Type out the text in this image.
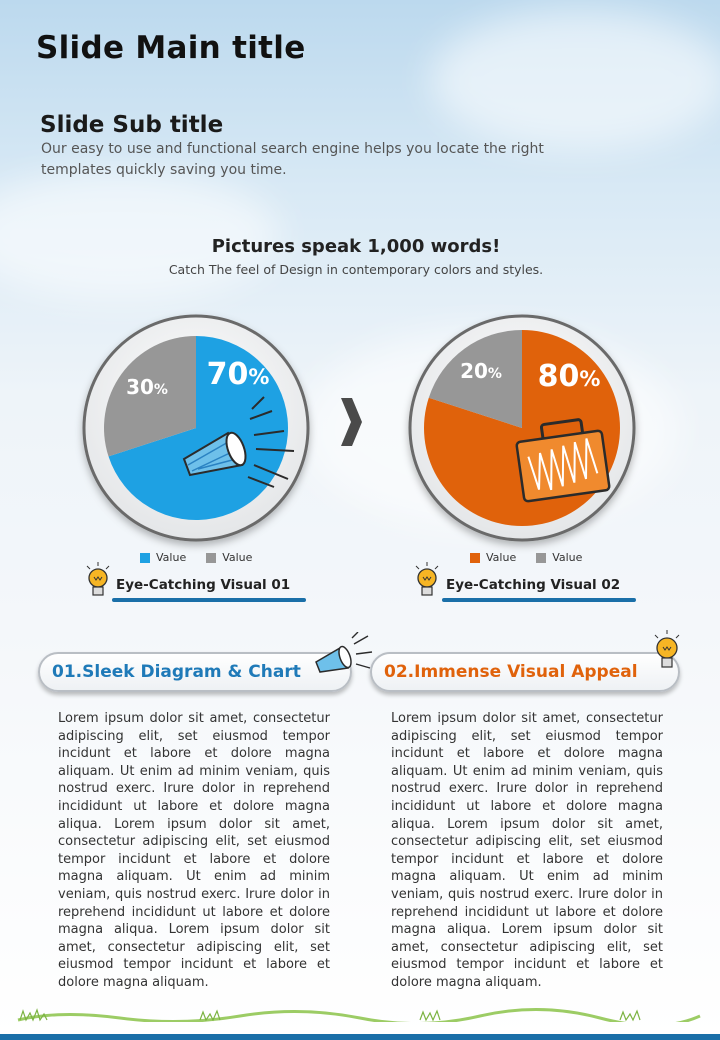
Slide Main title
Slide Sub title
Our easy to use and functional search engine helps you locate the right templates quickly saving you time.
Pictures speak 1,000 words!
Catch The feel of Design in contemporary colors and styles.
70%
30%	80%
20%
Value	Value	Value	Value
Eye-Catching Visual 01	Eye-Catching Visual 02
01. Sleek Diagram & Chart	02. Immense Visual Appeal
Lorem ipsum dolor sit amet, consectetur adipiscing elit, set eiusmod tempor incidunt et labore et dolore magna aliquam. Ut enim ad minim veniam, quis nostrud exerc. Irure dolor in reprehend incididunt ut labore et dolore magna aliqua. Lorem ipsum dolor sit amet, consectetur adipiscing elit, set eiusmod tempor incidunt et labore et dolore magna aliquam. Ut enim ad minim veniam, quis nostrud exerc. Irure dolor in reprehend incididunt ut labore et dolore magna aliqua. Lorem ipsum dolor sit amet, consectetur adipiscing elit, set eiusmod tempor incidunt et labore et dolore magna aliquam.
Lorem ipsum dolor sit amet, consectetur adipiscing elit, set eiusmod tempor incidunt et labore et dolore magna aliquam. Ut enim ad minim veniam, quis nostrud exerc. Irure dolor in reprehend incididunt ut labore et dolore magna aliqua. Lorem ipsum dolor sit amet, consectetur adipiscing elit, set eiusmod tempor incidunt et labore et dolore magna aliquam. Ut enim ad minim veniam, quis nostrud exerc. Irure dolor in reprehend incididunt ut labore et dolore magna aliqua. Lorem ipsum dolor sit amet, consectetur adipiscing elit, set eiusmod tempor incidunt et labore et dolore magna aliquam.
